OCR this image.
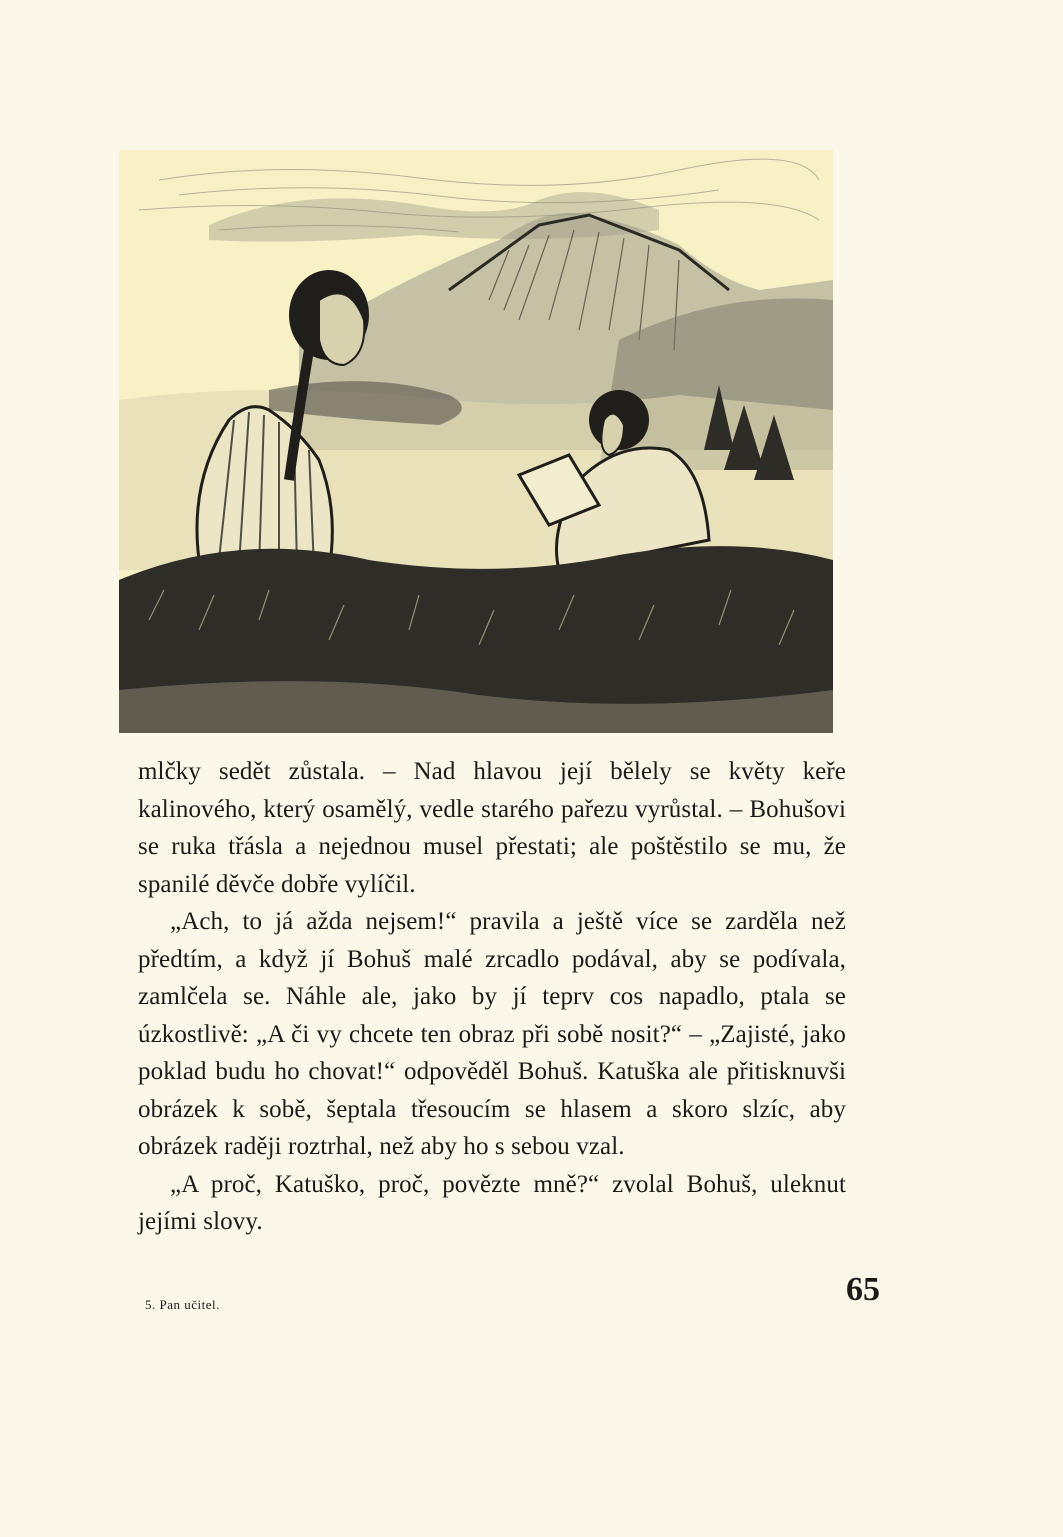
mlčky sedět zůstala. – Nad hlavou její bělely se květy keře kalinového, který osamělý, vedle starého pařezu vyrůstal. – Bohušovi se ruka třásla a nejednou musel přestati; ale poštěstilo se mu, že spanilé děvče dobře vylíčil.

„Ach, to já ažda nejsem!“ pravila a ještě více se zarděla než předtím, a když jí Bohuš malé zrcadlo podával, aby se podívala, zamlčela se. Náhle ale, jako by jí teprv cos napadlo, ptala se úzkostlivě: „A či vy chcete ten obraz při sobě nosit?“ – „Zajisté, jako poklad budu ho chovat!“ odpověděl Bohuš. Katuška ale přitisknuvši obrázek k sobě, šeptala třesoucím se hlasem a skoro slzíc, aby obrázek raději roztrhal, než aby ho s sebou vzal.

„A proč, Katuško, proč, povězte mně?“ zvolal Bohuš, uleknut jejími slovy.

5. Pan učitel.	65
